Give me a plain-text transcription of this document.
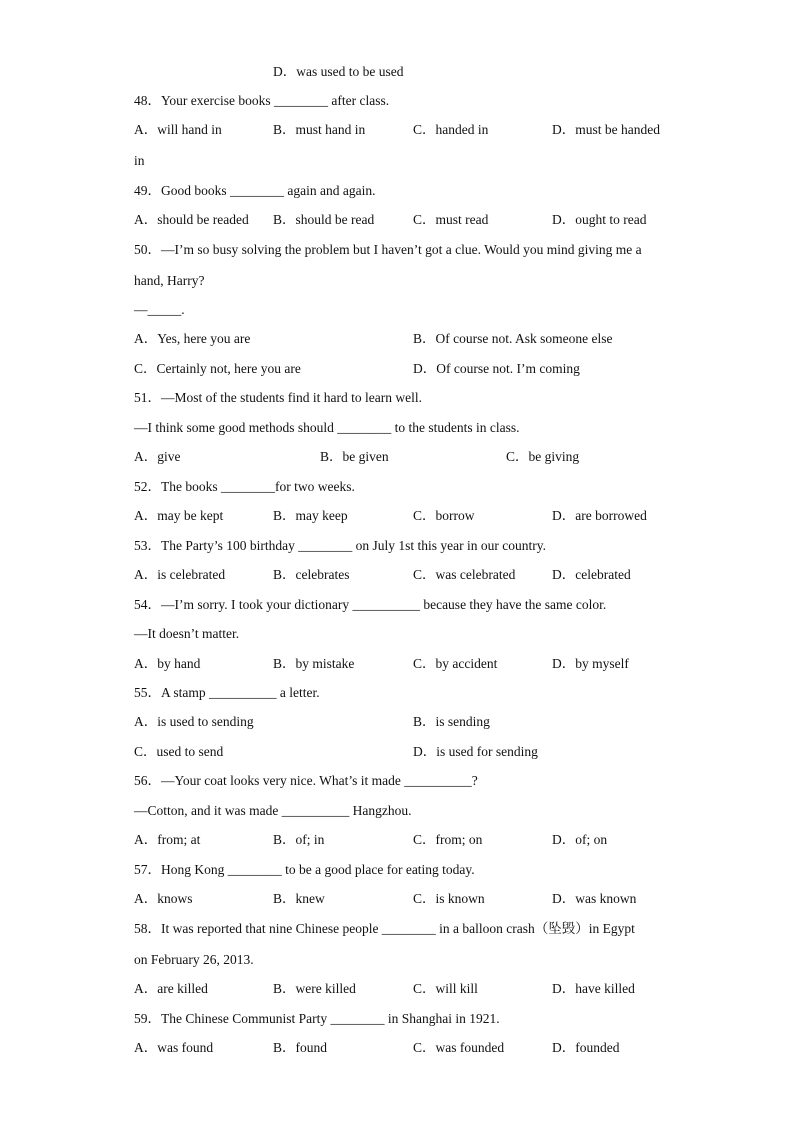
D．was used to be used
48．Your exercise books ________ after class.
A．will hand in	B．must hand in	C．handed in	D．must be handed
in
49．Good books ________ again and again.
A．should be readed B．should be read	C．must read	D．ought to read
50．—I’m so busy solving the problem but I haven’t got a clue. Would you mind giving me a
hand, Harry?
—_____.
A．Yes, here you are	B．Of course not. Ask someone else
C．Certainly not, here you are	D．Of course not. I’m coming
51．—Most of the students find it hard to learn well.
—I think some good methods should ________ to the students in class.
A．give	B．be given	C．be giving
52．The books ________for two weeks.
A．may be kept	B．may keep	C．borrow	D．are borrowed
53．The Party’s 100 birthday ________ on July 1st this year in our country.
A．is celebrated	B．celebrates	C．was celebrated	D．celebrated
54．—I’m sorry. I took your dictionary __________ because they have the same color.
—It doesn’t matter.
A．by hand	B．by mistake	C．by accident	D．by myself
55．A stamp __________ a letter.
A．is used to sending	B．is sending
C．used to send	D．is used for sending
56．—Your coat looks very nice. What’s it made __________?
—Cotton, and it was made __________ Hangzhou.
A．from; at	B．of; in	C．from; on	D．of; on
57．Hong Kong ________ to be a good place for eating today.
A．knows	B．knew	C．is known	D．was known
58．It was reported that nine Chinese people ________ in a balloon crash（坠毁）in Egypt
on February 26, 2013.
A．are killed	B．were killed	C．will kill	D．have killed
59．The Chinese Communist Party ________ in Shanghai in 1921.
A．was found	B．found	C．was founded	D．founded
